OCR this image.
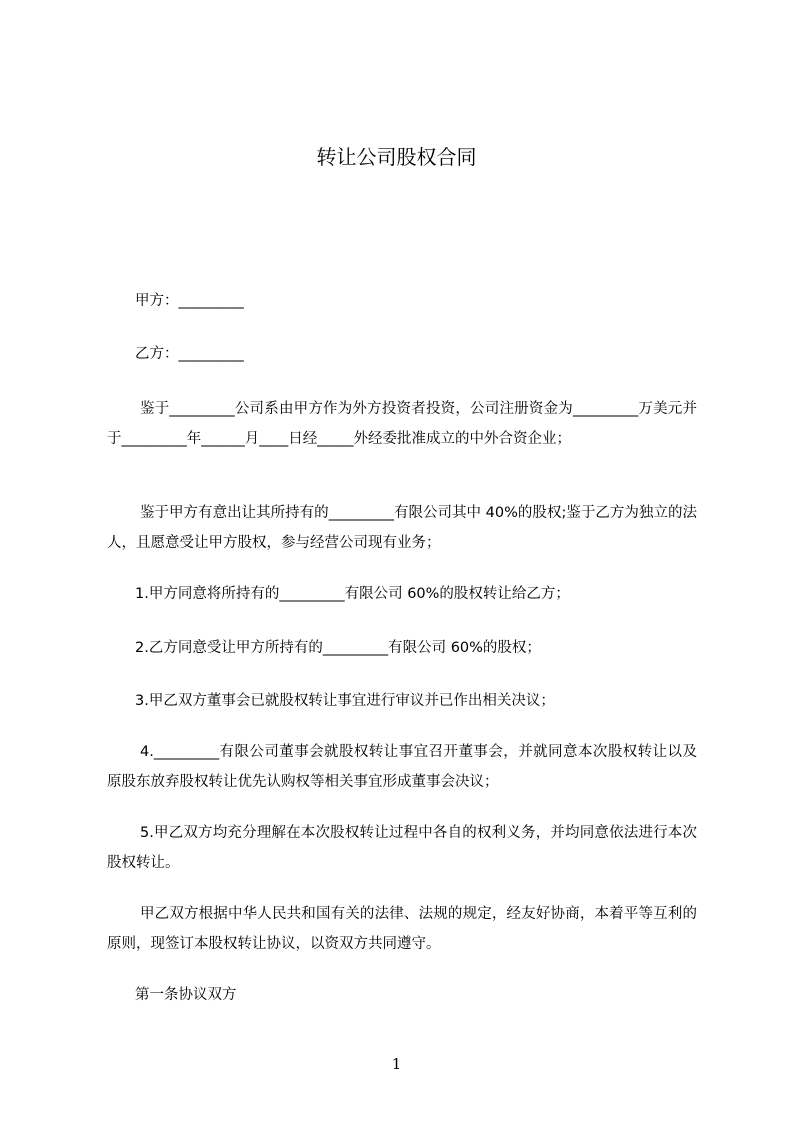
转让公司股权合同
甲方：_________
乙方：_________
鉴于_________公司系由甲方作为外方投资者投资，公司注册资金为_________万美元并于_________年______月____日经_____外经委批准成立的中外合资企业；
鉴于甲方有意出让其所持有的_________有限公司其中 40%的股权;鉴于乙方为独立的法人，且愿意受让甲方股权，参与经营公司现有业务；
1.甲方同意将所持有的_________有限公司 60%的股权转让给乙方；
2.乙方同意受让甲方所持有的_________有限公司 60%的股权；
3.甲乙双方董事会已就股权转让事宜进行审议并已作出相关决议；
4._________有限公司董事会就股权转让事宜召开董事会，并就同意本次股权转让以及原股东放弃股权转让优先认购权等相关事宜形成董事会决议；
5.甲乙双方均充分理解在本次股权转让过程中各自的权利义务，并均同意依法进行本次股权转让。
甲乙双方根据中华人民共和国有关的法律、法规的规定，经友好协商，本着平等互利的原则，现签订本股权转让协议，以资双方共同遵守。
第一条协议双方
1
